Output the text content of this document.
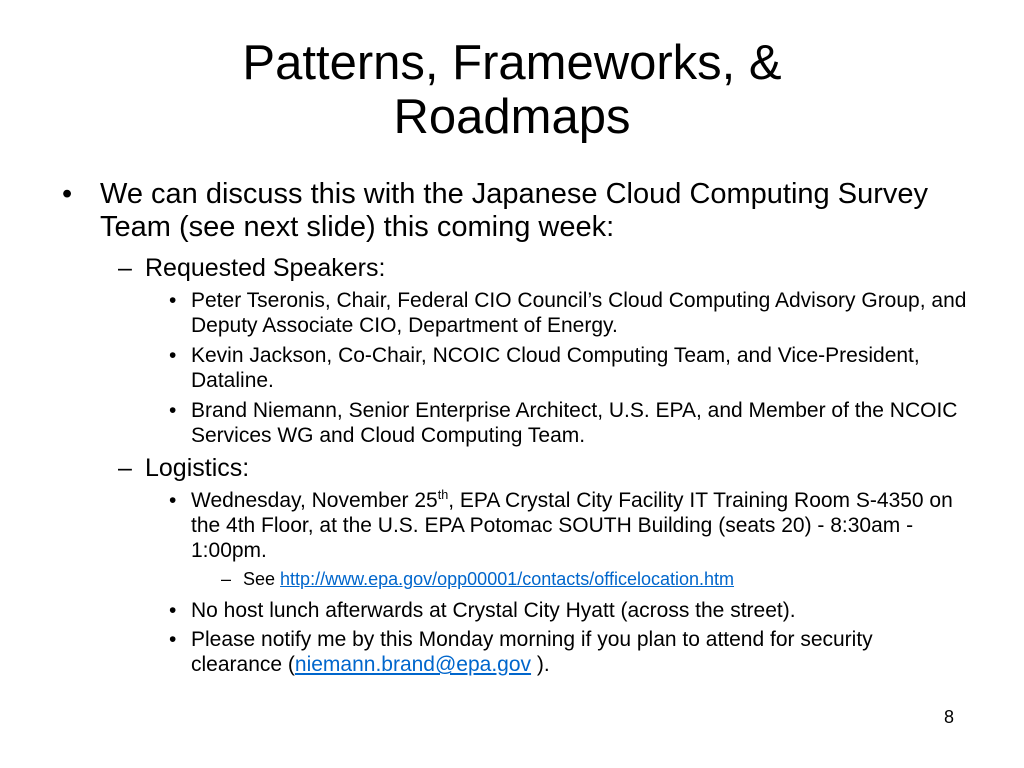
Patterns, Frameworks, &
Roadmaps
• We can discuss this with the Japanese Cloud Computing Survey Team (see next slide) this coming week:
– Requested Speakers:
• Peter Tseronis, Chair, Federal CIO Council’s Cloud Computing Advisory Group, and Deputy Associate CIO, Department of Energy.
• Kevin Jackson, Co-Chair, NCOIC Cloud Computing Team, and Vice-President, Dataline.
• Brand Niemann, Senior Enterprise Architect, U.S. EPA, and Member of the NCOIC Services WG and Cloud Computing Team.
– Logistics:
• Wednesday, November 25th, EPA Crystal City Facility IT Training Room S-4350 on the 4th Floor, at the U.S. EPA Potomac SOUTH Building (seats 20) - 8:30am - 1:00pm.
– See http://www.epa.gov/opp00001/contacts/officelocation.htm
• No host lunch afterwards at Crystal City Hyatt (across the street).
• Please notify me by this Monday morning if you plan to attend for security clearance (niemann.brand@epa.gov ).
8
